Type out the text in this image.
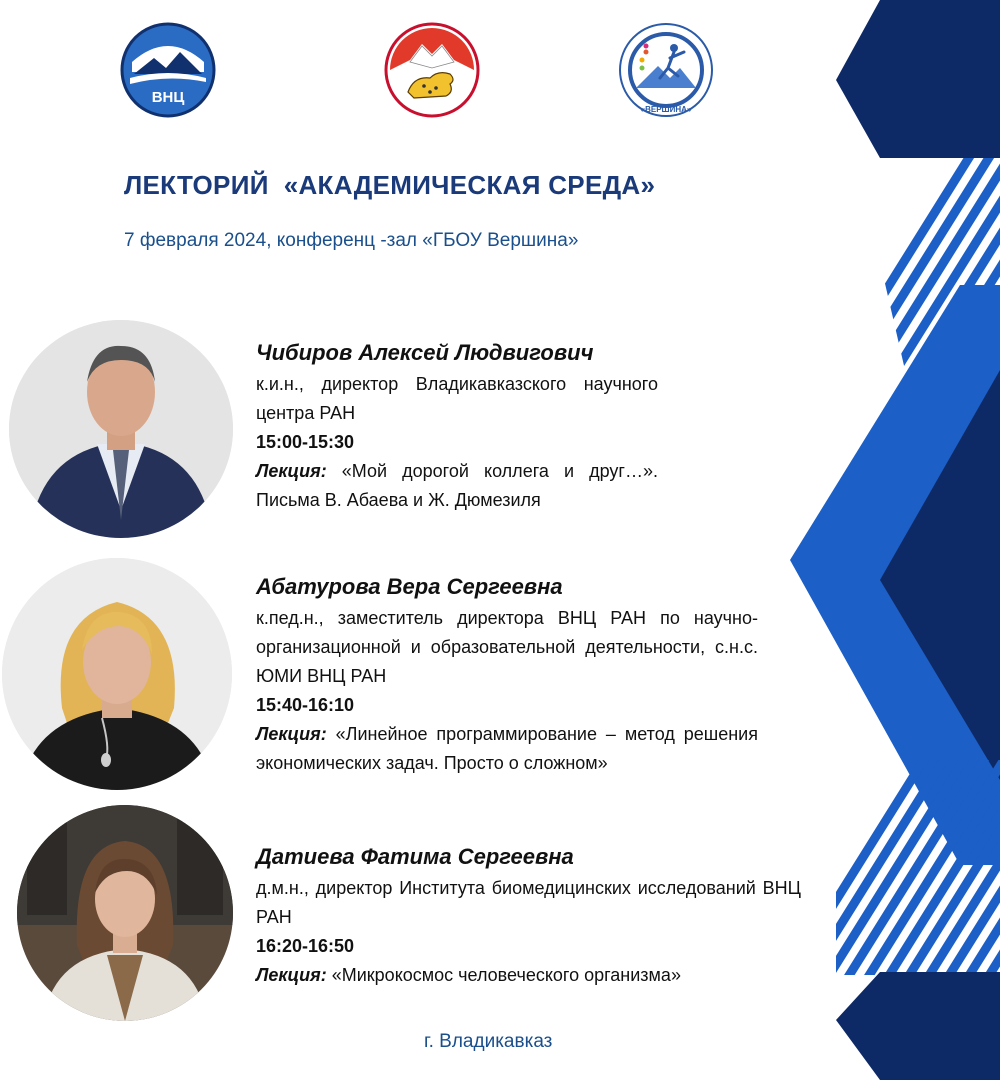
ВНЦ
«ВЕРШИНА»
ЛЕКТОРИЙ  «АКАДЕМИЧЕСКАЯ СРЕДА»
7 февраля 2024, конференц -зал «ГБОУ Вершина»
Чибиров Алексей Людвигович
к.и.н., директор Владикавказского научного центра РАН
15:00-15:30
Лекция: «Мой дорогой коллега и друг…». Письма В. Абаева и Ж. Дюмезиля
Абатурова Вера Сергеевна
к.пед.н., заместитель директора ВНЦ РАН по научно-организационной и образовательной деятельности, с.н.с. ЮМИ ВНЦ РАН
15:40-16:10
Лекция: «Линейное программирование – метод решения экономических задач. Просто о сложном»
Датиева Фатима Сергеевна
д.м.н., директор Института биомедицинских исследований ВНЦ РАН
16:20-16:50
Лекция: «Микрокосмос человеческого организма»
г. Владикавказ
